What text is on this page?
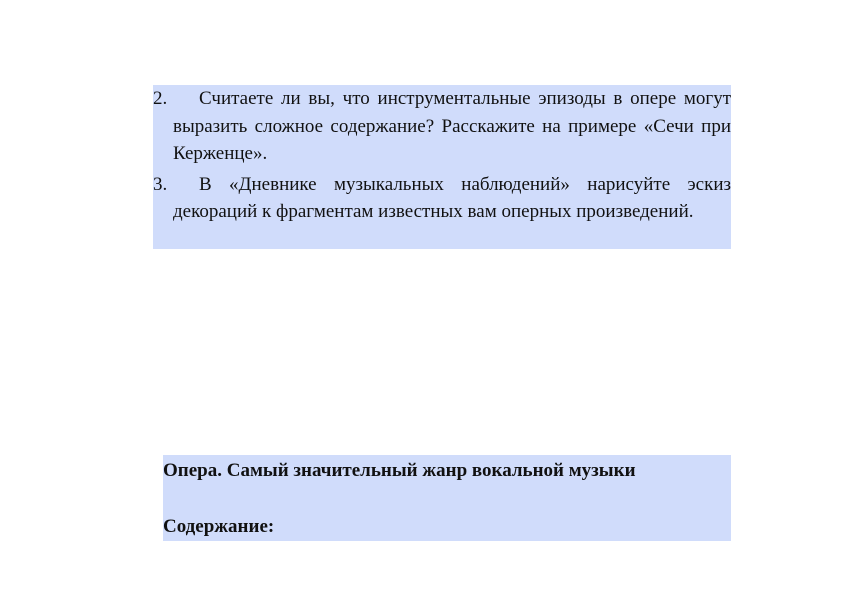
2.	Считаете ли вы, что инструментальные эпизоды в опере могут выразить сложное содержание? Расскажите на примере «Сечи при Керженце».
3.	В «Дневнике музыкальных наблюдений» нарисуйте эскиз декораций к фрагментам известных вам оперных произведений.

Опера. Самый значительный жанр вокальной музыки

Содержание:
